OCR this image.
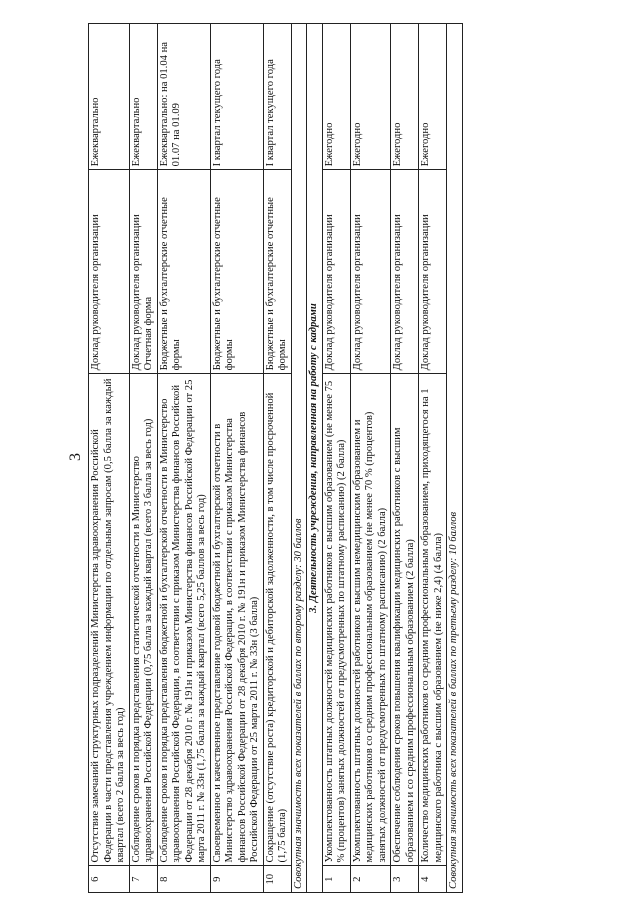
3
6	Отсутствие замечаний структурных подразделений Министерства здравоохранения Российской Федерации в части представления учреждением информации по отдельным запросам (0,5 балла за каждый квартал (всего 2 балла за весь год)	Доклад руководителя организации	Ежеквартально
7	Соблюдение сроков и порядка представления статистической отчетности в Министерство здравоохранения Российской Федерации (0,75 балла за каждый квартал (всего 3 балла за весь год)	Доклад руководителя организации Отчетная форма	Ежеквартально
8	Соблюдение сроков и порядка представления бюджетной и бухгалтерской отчетности в Министерство здравоохранения Российской Федерации, в соответствии с приказом Министерства финансов Российской Федерации от 28 декабря 2010 г. № 191н и приказом Министерства финансов Российской Федерации от 25 марта 2011 г. № 33н (1,75 балла за каждый квартал (всего 5,25 баллов за весь год)	Бюджетные и бухгалтерские отчетные формы	Ежеквартально: на 01.04 на 01.07 на 01.09
9	Своевременное и качественное представление годовой бюджетной и бухгалтерской отчетности в Министерство здравоохранения Российской Федерации, в соответствии с приказом Министерства финансов Российской Федерации от 28 декабря 2010 г. № 191н и приказом Министерства финансов Российской Федерации от 25 марта 2011 г. № 33н (3 балла)	Бюджетные и бухгалтерские отчетные формы	I квартал текущего года
10	Сокращение (отсутствие роста) кредиторской и дебиторской задолженности, в том числе просроченной (1,75 балла)	Бюджетные и бухгалтерские отчетные формы	I квартал текущего года
Совокупная значимость всех показателей в баллах по второму разделу: 30 баллов			
3. Деятельность учреждения, направленная на работу с кадрами			
1	Укомплектованность штатных должностей медицинских работников с высшим образованием (не менее 75 % (процентов) занятых должностей от предусмотренных по штатному расписанию) (2 балла)	Доклад руководителя организации	Ежегодно
2	Укомплектованность штатных должностей работников с высшим немедицинским образованием и медицинских работников со средним профессиональным образованием (не менее 70 % (процентов) занятых должностей от предусмотренных по штатному расписанию) (2 балла)	Доклад руководителя организации	Ежегодно
3	Обеспечение соблюдения сроков повышения квалификации медицинских работников с высшим образованием и со средним профессиональным образованием (2 балла)	Доклад руководителя организации	Ежегодно
4	Количество медицинских работников со средним профессиональным образованием, приходящегося на 1 медицинского работника с высшим образованием (не ниже 2,4) (4 балла)	Доклад руководителя организации	Ежегодно
Совокупная значимость всех показателей в баллах по третьему разделу: 10 баллов			
